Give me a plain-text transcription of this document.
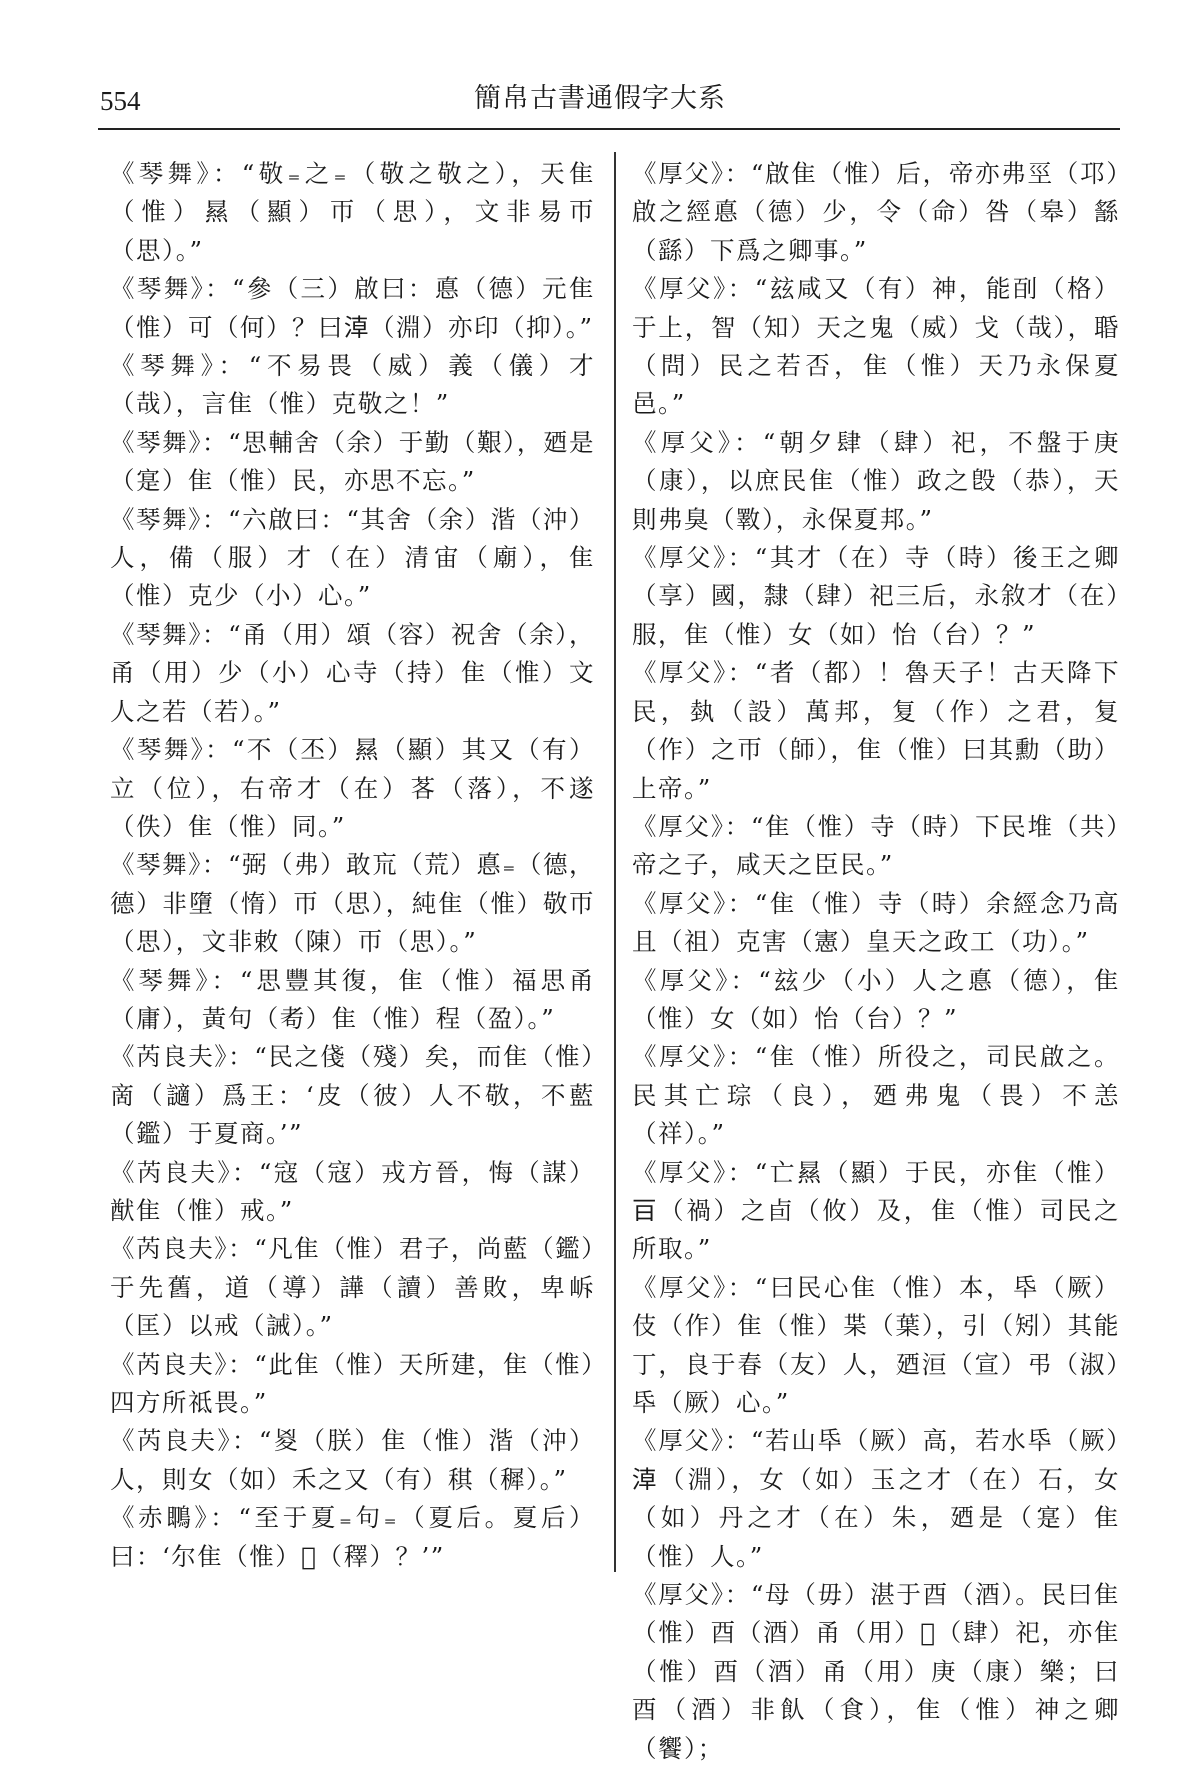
554	簡帛古書通假字大系

《琴舞》：“敬₌之₌（敬之敬之），天隹（惟）㬎（顯）帀（思），文非易帀（思）。”

《琴舞》：“參（三）啟曰：悳（德）元隹（惟）可（何）？曰𣶃（淵）亦印（抑）。”

《琴舞》：“不易畏（威）義（儀）才（哉），言隹（惟）克敬之！”

《琴舞》：“思輔舍（余）于勤（艱），廼是（寔）隹（惟）民，亦思不忘。”

《琴舞》：“六啟曰：“其舍（余）湝（沖）人，備（服）才（在）清宙（廟），隹（惟）克少（小）心。”

《琴舞》：“甬（用）頌（容）祝舍（余），甬（用）少（小）心寺（持）隹（惟）文人之若（若）。”

《琴舞》：“不（丕）㬎（顯）其又（有）立（位），右帝才（在）茖（落），不遂（佚）隹（惟）同。”

《琴舞》：“弼（弗）敢巟（荒）悳₌（德，德）非墮（惰）帀（思），純隹（惟）敬帀（思），文非敕（陳）帀（思）。”

《琴舞》：“思豐其復，隹（惟）福思甬（庸），黃句（耇）隹（惟）程（盈）。”

《芮良夫》：“民之俴（殘）矣，而隹（惟）啇（讁）爲王：‘皮（彼）人不敬，不藍（鑑）于夏商。’”

《芮良夫》：“寇（寇）戎方晉，悔（謀）猷隹（惟）戒。”

《芮良夫》：“凡隹（惟）君子，尚藍（鑑）于先舊，道（導）譁（讀）善敗，卑𡶜（匡）以戒（誡）。”

《芮良夫》：“此隹（惟）天所建，隹（惟）四方所祗畏。”

《芮良夫》：“㚇（朕）隹（惟）湝（沖）人，則女（如）禾之又（有）稘（穉）。”

《赤䳭》：“至于夏₌句₌（夏后。夏后）曰：‘尔隹（惟）𤉉（䆁）？’”

《厚父》：“啟隹（惟）后，帝亦弗巠（邛）啟之經悳（德）少，令（命）咎（皋）䌛（繇）下爲之卿事。”

《厚父》：“玆咸又（有）神，能㓦（格）于上，智（知）天之鬼（威）戈（哉），䎽（問）民之若否，隹（惟）天乃永保夏邑。”

《厚父》：“朝夕肆（肆）祀，不盤于庚（康），以庶民隹（惟）政之𣪘（恭），天則弗臭（斁），永保夏邦。”

《厚父》：“其才（在）寺（時）後王之卿（享）國，隸（肆）祀三后，永敘才（在）服，隹（惟）女（如）怡（台）？”

《厚父》：“者（都）！魯天子！古天降下民，埶（設）萬邦，复（作）之君，复（作）之帀（師），隹（惟）曰其勳（助）上帝。”

《厚父》：“隹（惟）寺（時）下民堆（共）帝之子，咸天之臣民。”

《厚父》：“隹（惟）寺（時）余經念乃高且（祖）克害（憲）皇天之政工（功）。”

《厚父》：“玆少（小）人之悳（德），隹（惟）女（如）怡（台）？”

《厚父》：“隹（惟）所役之，司民啟之。民其亡琮（良），廼弗鬼（畏）不恙（祥）。”

《厚父》：“亡㬎（顯）于民，亦隹（惟）𣄼（禍）之卣（攸）及，隹（惟）司民之所取。”

《厚父》：“曰民心隹（惟）本，氒（厥）伎（作）隹（惟）枼（葉），引（矧）其能丁，良于春（友）人，廼洹（宣）弔（淑）氒（厥）心。”

《厚父》：“若山氒（厥）高，若水氒（厥）𣶃（淵），女（如）玉之才（在）石，女（如）丹之才（在）朱，廼是（寔）隹（惟）人。”

《厚父》：“母（毋）湛于酉（酒）。民曰隹（惟）酉（酒）甬（用）𢛏（肆）祀，亦隹（惟）酉（酒）甬（用）庚（康）樂；曰酉（酒）非飤（食），隹（惟）神之卿（饗）；
